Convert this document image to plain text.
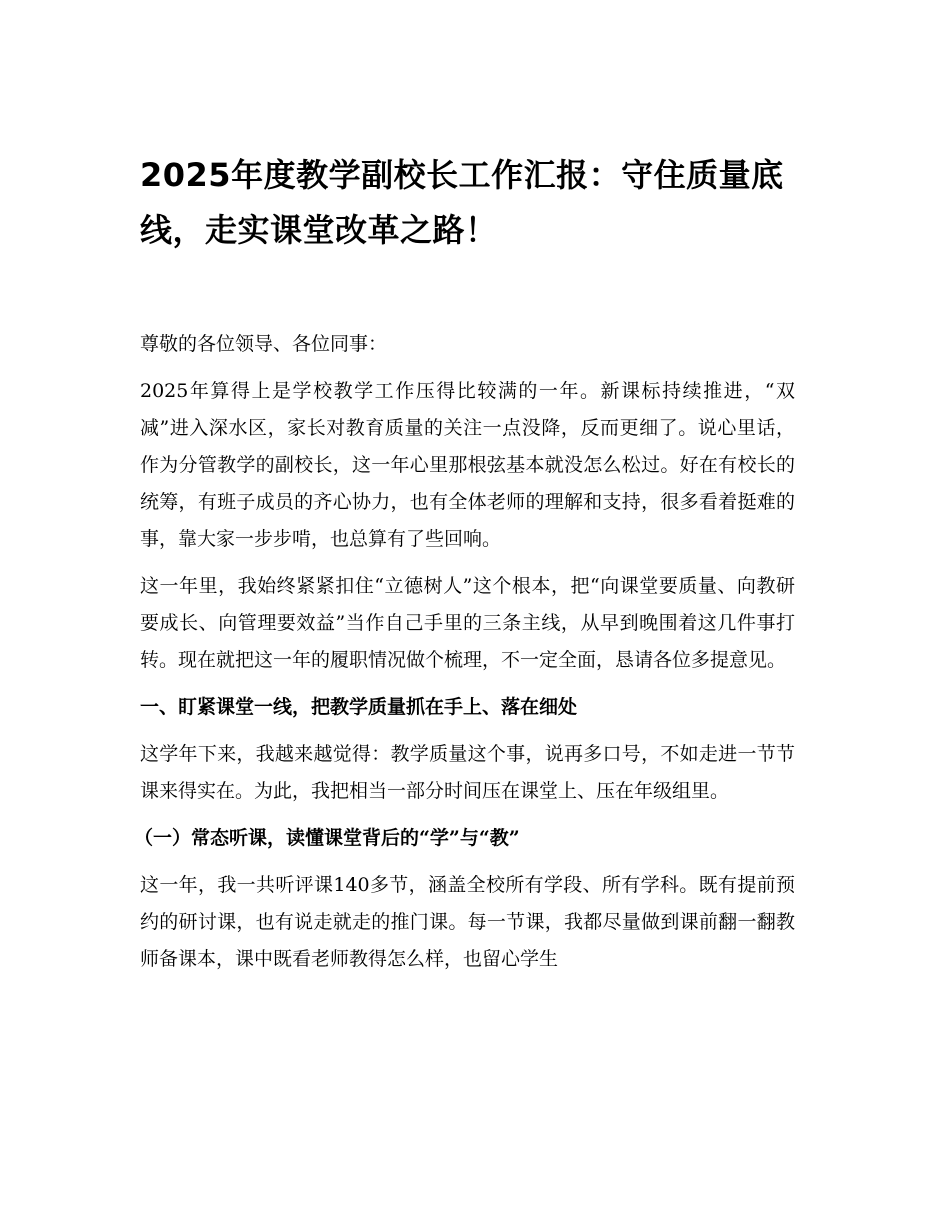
2025年度教学副校长工作汇报：守住质量底线，走实课堂改革之路！

尊敬的各位领导、各位同事：

2025年算得上是学校教学工作压得比较满的一年。新课标持续推进，“双减”进入深水区，家长对教育质量的关注一点没降，反而更细了。说心里话，作为分管教学的副校长，这一年心里那根弦基本就没怎么松过。好在有校长的统筹，有班子成员的齐心协力，也有全体老师的理解和支持，很多看着挺难的事，靠大家一步步啃，也总算有了些回响。

这一年里，我始终紧紧扣住“立德树人”这个根本，把“向课堂要质量、向教研要成长、向管理要效益”当作自己手里的三条主线，从早到晚围着这几件事打转。现在就把这一年的履职情况做个梳理，不一定全面，恳请各位多提意见。

一、盯紧课堂一线，把教学质量抓在手上、落在细处

这学年下来，我越来越觉得：教学质量这个事，说再多口号，不如走进一节节课来得实在。为此，我把相当一部分时间压在课堂上、压在年级组里。

（一）常态听课，读懂课堂背后的“学”与“教”

这一年，我一共听评课140多节，涵盖全校所有学段、所有学科。既有提前预约的研讨课，也有说走就走的推门课。每一节课，我都尽量做到课前翻一翻教师备课本，课中既看老师教得怎么样，也留心学生
